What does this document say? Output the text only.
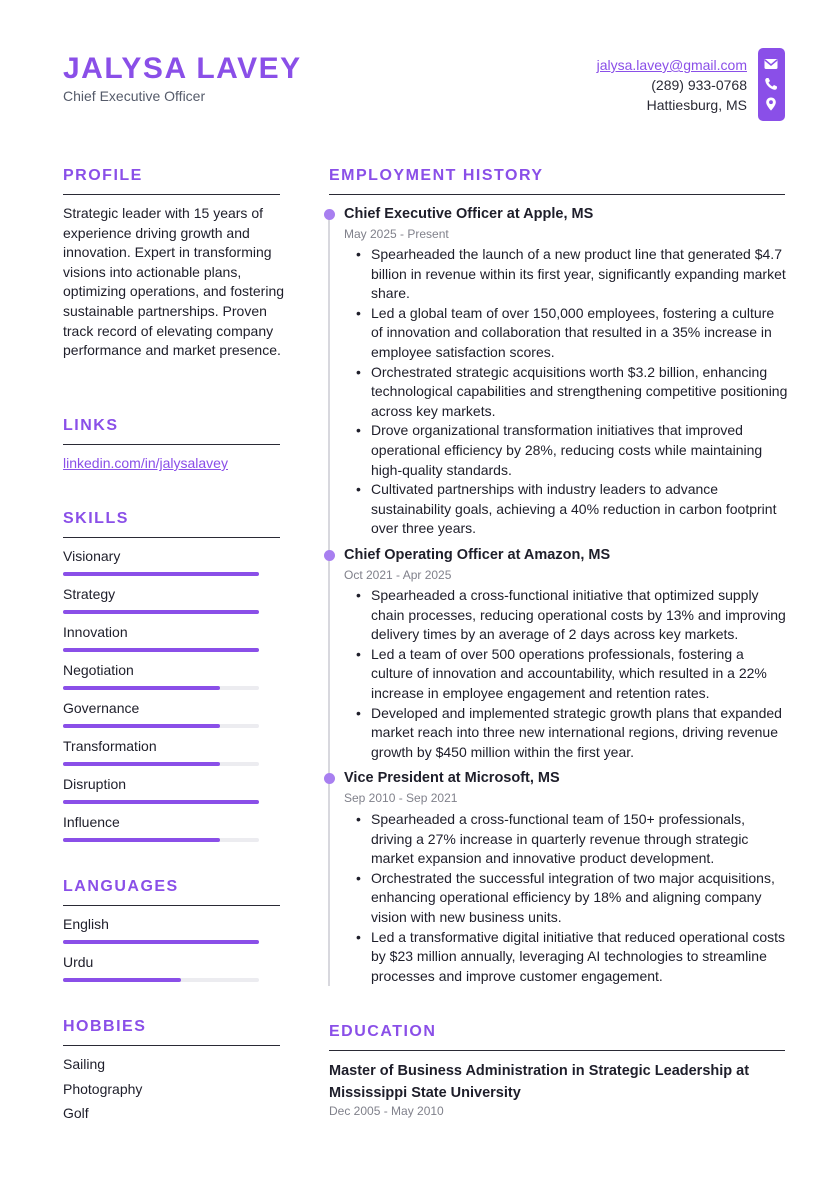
JALYSA LAVEY
Chief Executive Officer
jalysa.lavey@gmail.com
(289) 933-0768
Hattiesburg, MS
PROFILE
Strategic leader with 15 years of experience driving growth and innovation. Expert in transforming visions into actionable plans, optimizing operations, and fostering sustainable partnerships. Proven track record of elevating company performance and market presence.
LINKS
linkedin.com/in/jalysalavey
SKILLS
Visionary
Strategy
Innovation
Negotiation
Governance
Transformation
Disruption
Influence
LANGUAGES
English
Urdu
HOBBIES
Sailing
Photography
Golf
EMPLOYMENT HISTORY
Chief Executive Officer at Apple, MS
May 2025 - Present
• Spearheaded the launch of a new product line that generated $4.7 billion in revenue within its first year, significantly expanding market share.
• Led a global team of over 150,000 employees, fostering a culture of innovation and collaboration that resulted in a 35% increase in employee satisfaction scores.
• Orchestrated strategic acquisitions worth $3.2 billion, enhancing technological capabilities and strengthening competitive positioning across key markets.
• Drove organizational transformation initiatives that improved operational efficiency by 28%, reducing costs while maintaining high-quality standards.
• Cultivated partnerships with industry leaders to advance sustainability goals, achieving a 40% reduction in carbon footprint over three years.
Chief Operating Officer at Amazon, MS
Oct 2021 - Apr 2025
• Spearheaded a cross-functional initiative that optimized supply chain processes, reducing operational costs by 13% and improving delivery times by an average of 2 days across key markets.
• Led a team of over 500 operations professionals, fostering a culture of innovation and accountability, which resulted in a 22% increase in employee engagement and retention rates.
• Developed and implemented strategic growth plans that expanded market reach into three new international regions, driving revenue growth by $450 million within the first year.
Vice President at Microsoft, MS
Sep 2010 - Sep 2021
• Spearheaded a cross-functional team of 150+ professionals, driving a 27% increase in quarterly revenue through strategic market expansion and innovative product development.
• Orchestrated the successful integration of two major acquisitions, enhancing operational efficiency by 18% and aligning company vision with new business units.
• Led a transformative digital initiative that reduced operational costs by $23 million annually, leveraging AI technologies to streamline processes and improve customer engagement.
EDUCATION
Master of Business Administration in Strategic Leadership at Mississippi State University
Dec 2005 - May 2010
